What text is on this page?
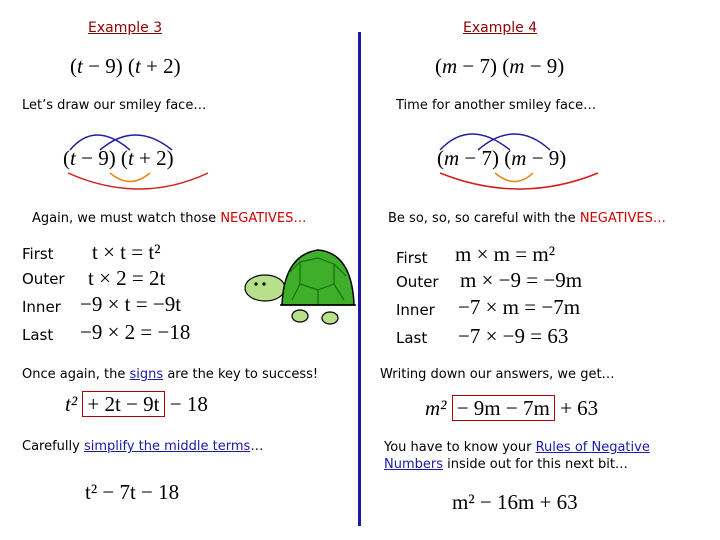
Example 3
(t − 9) (t + 2)
Let’s draw our smiley face…
(t − 9) (t + 2)
Again, we must watch those NEGATIVES…
First t × t = t²
Outer t × 2 = 2t
Inner −9 × t = −9t
Last −9 × 2 = −18
Once again, the signs are the key to success!
t² + 2t − 9t − 18
Carefully simplify the middle terms…
t² − 7t − 18
Example 4
(m − 7) (m − 9)
Time for another smiley face…
(m − 7) (m − 9)
Be so, so, so careful with the NEGATIVES…
First m × m = m²
Outer m × −9 = −9m
Inner −7 × m = −7m
Last −7 × −9 = 63
Writing down our answers, we get…
m² − 9m − 7m + 63
You have to know your Rules of Negative
Numbers inside out for this next bit…
m² − 16m + 63
